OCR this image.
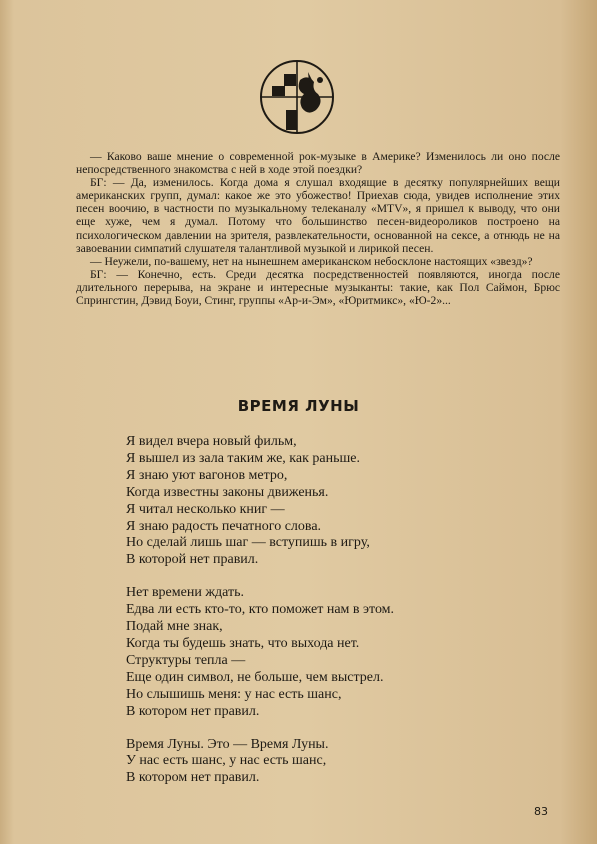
— Каково ваше мнение о современной рок-музыке в Америке? Изменилось ли оно после непосредственного знакомства с ней в ходе этой поездки?

БГ: — Да, изменилось. Когда дома я слушал входящие в десятку популярнейших вещи американских групп, думал: какое же это убожество! Приехав сюда, увидев исполнение этих песен воочию, в частности по музыкальному телеканалу «MTV», я пришел к выводу, что они еще хуже, чем я думал. Потому что большинство песен-видеороликов построено на психологическом давлении на зрителя, развлекательности, основанной на сексе, а отнюдь не на завоевании симпатий слушателя талантливой музыкой и лирикой песен.

— Неужели, по-вашему, нет на нынешнем американском небосклоне настоящих «звезд»?

БГ: — Конечно, есть. Среди десятка посредственностей появляются, иногда после длительного перерыва, на экране и интересные музыканты: такие, как Пол Саймон, Брюс Спрингстин, Дэвид Боуи, Стинг, группы «Ар-и-Эм», «Юритмикс», «Ю-2»...

ВРЕМЯ ЛУНЫ
Я видел вчера новый фильм,
Я вышел из зала таким же, как раньше.
Я знаю уют вагонов метро,
Когда известны законы движенья.
Я читал несколько книг —
Я знаю радость печатного слова.
Но сделай лишь шаг — вступишь в игру,
В которой нет правил.
Нет времени ждать.
Едва ли есть кто-то, кто поможет нам в этом.
Подай мне знак,
Когда ты будешь знать, что выхода нет.
Структуры тепла —
Еще один символ, не больше, чем выстрел.
Но слышишь меня: у нас есть шанс,
В котором нет правил.
Время Луны. Это — Время Луны.
У нас есть шанс, у нас есть шанс,
В котором нет правил.
83
